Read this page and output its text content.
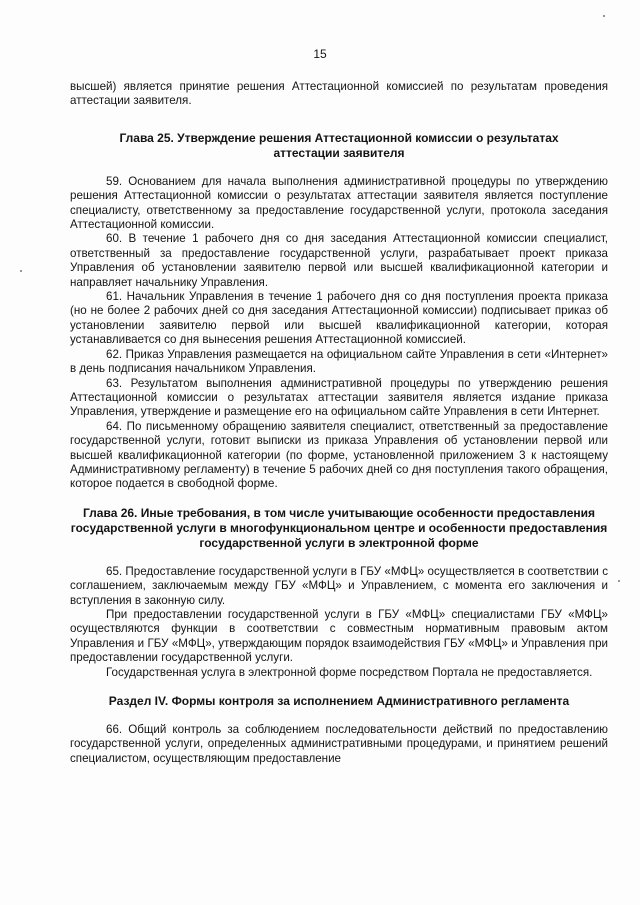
15

высшей) является принятие решения Аттестационной комиссией по результатам проведения аттестации заявителя.

Глава 25. Утверждение решения Аттестационной комиссии о результатах аттестации заявителя

59. Основанием для начала выполнения административной процедуры по утверждению решения Аттестационной комиссии о результатах аттестации заявителя является поступление специалисту, ответственному за предоставление государственной услуги, протокола заседания Аттестационной комиссии.

60. В течение 1 рабочего дня со дня заседания Аттестационной комиссии специалист, ответственный за предоставление государственной услуги, разрабатывает проект приказа Управления об установлении заявителю первой или высшей квалификационной категории и направляет начальнику Управления.

61. Начальник Управления в течение 1 рабочего дня со дня поступления проекта приказа (но не более 2 рабочих дней со дня заседания Аттестационной комиссии) подписывает приказ об установлении заявителю первой или высшей квалификационной категории, которая устанавливается со дня вынесения решения Аттестационной комиссией.

62. Приказ Управления размещается на официальном сайте Управления в сети «Интернет» в день подписания начальником Управления.

63. Результатом выполнения административной процедуры по утверждению решения Аттестационной комиссии о результатах аттестации заявителя является издание приказа Управления, утверждение и размещение его на официальном сайте Управления в сети Интернет.

64. По письменному обращению заявителя специалист, ответственный за предоставление государственной услуги, готовит выписки из приказа Управления об установлении первой или высшей квалификационной категории (по форме, установленной приложением 3 к настоящему Административному регламенту) в течение 5 рабочих дней со дня поступления такого обращения, которое подается в свободной форме.

Глава 26. Иные требования, в том числе учитывающие особенности предоставления государственной услуги в многофункциональном центре и особенности предоставления государственной услуги в электронной форме

65. Предоставление государственной услуги в ГБУ «МФЦ» осуществляется в соответствии с соглашением, заключаемым между ГБУ «МФЦ» и Управлением, с момента его заключения и вступления в законную силу.

При предоставлении государственной услуги в ГБУ «МФЦ» специалистами ГБУ «МФЦ» осуществляются функции в соответствии с совместным нормативным правовым актом Управления и ГБУ «МФЦ», утверждающим порядок взаимодействия ГБУ «МФЦ» и Управления при предоставлении государственной услуги.

Государственная услуга в электронной форме посредством Портала не предоставляется.

Раздел IV. Формы контроля за исполнением Административного регламента

66. Общий контроль за соблюдением последовательности действий по предоставлению государственной услуги, определенных административными процедурами, и принятием решений специалистом, осуществляющим предоставление
